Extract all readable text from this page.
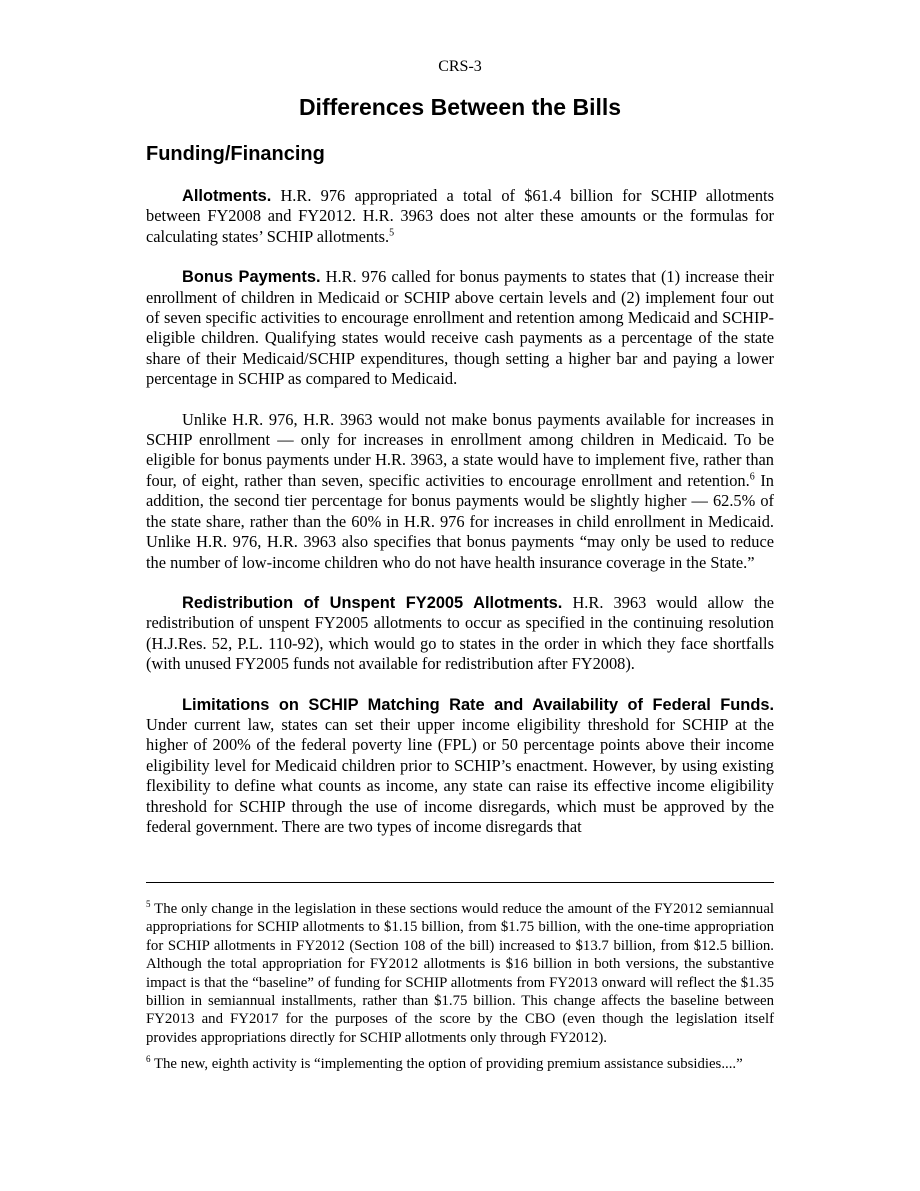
CRS-3
Differences Between the Bills
Funding/Financing

Allotments. H.R. 976 appropriated a total of $61.4 billion for SCHIP allotments between FY2008 and FY2012. H.R. 3963 does not alter these amounts or the formulas for calculating states’ SCHIP allotments.$^5$

Bonus Payments. H.R. 976 called for bonus payments to states that (1) increase their enrollment of children in Medicaid or SCHIP above certain levels and (2) implement four out of seven specific activities to encourage enrollment and retention among Medicaid and SCHIP-eligible children. Qualifying states would receive cash payments as a percentage of the state share of their Medicaid/SCHIP expenditures, though setting a higher bar and paying a lower percentage in SCHIP as compared to Medicaid.

Unlike H.R. 976, H.R. 3963 would not make bonus payments available for increases in SCHIP enrollment — only for increases in enrollment among children in Medicaid. To be eligible for bonus payments under H.R. 3963, a state would have to implement five, rather than four, of eight, rather than seven, specific activities to encourage enrollment and retention.$^6$ In addition, the second tier percentage for bonus payments would be slightly higher — 62.5% of the state share, rather than the 60% in H.R. 976 for increases in child enrollment in Medicaid. Unlike H.R. 976, H.R. 3963 also specifies that bonus payments “may only be used to reduce the number of low-income children who do not have health insurance coverage in the State.”

Redistribution of Unspent FY2005 Allotments. H.R. 3963 would allow the redistribution of unspent FY2005 allotments to occur as specified in the continuing resolution (H.J.Res. 52, P.L. 110-92), which would go to states in the order in which they face shortfalls (with unused FY2005 funds not available for redistribution after FY2008).

Limitations on SCHIP Matching Rate and Availability of Federal Funds. Under current law, states can set their upper income eligibility threshold for SCHIP at the higher of 200% of the federal poverty line (FPL) or 50 percentage points above their income eligibility level for Medicaid children prior to SCHIP’s enactment. However, by using existing flexibility to define what counts as income, any state can raise its effective income eligibility threshold for SCHIP through the use of income disregards, which must be approved by the federal government. There are two types of income disregards that

$^5$ The only change in the legislation in these sections would reduce the amount of the FY2012 semiannual appropriations for SCHIP allotments to $1.15 billion, from $1.75 billion, with the one-time appropriation for SCHIP allotments in FY2012 (Section 108 of the bill) increased to $13.7 billion, from $12.5 billion. Although the total appropriation for FY2012 allotments is $16 billion in both versions, the substantive impact is that the “baseline” of funding for SCHIP allotments from FY2013 onward will reflect the $1.35 billion in semiannual installments, rather than $1.75 billion. This change affects the baseline between FY2013 and FY2017 for the purposes of the score by the CBO (even though the legislation itself provides appropriations directly for SCHIP allotments only through FY2012).

$^6$ The new, eighth activity is “implementing the option of providing premium assistance subsidies....”
